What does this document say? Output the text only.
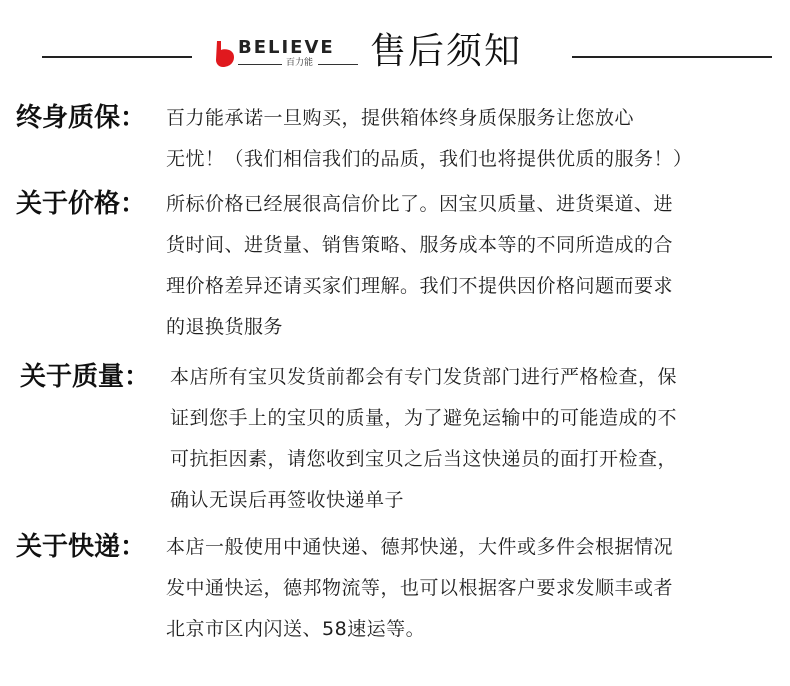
BELIEVE
百力能 售后须知
终身质保： 百力能承诺一旦购买，提供箱体终身质保服务让您放心
无忧！（我们相信我们的品质，我们也将提供优质的服务！）
关于价格： 所标价格已经展很高信价比了。因宝贝质量、进货渠道、进
货时间、进货量、销售策略、服务成本等的不同所造成的合
理价格差异还请买家们理解。我们不提供因价格问题而要求
的退换货服务
关于质量： 本店所有宝贝发货前都会有专门发货部门进行严格检查，保
证到您手上的宝贝的质量，为了避免运输中的可能造成的不
可抗拒因素，请您收到宝贝之后当这快递员的面打开检查，
确认无误后再签收快递单子
关于快递： 本店一般使用中通快递、德邦快递，大件或多件会根据情况
发中通快运，德邦物流等，也可以根据客户要求发顺丰或者
北京市区内闪送、58速运等。
